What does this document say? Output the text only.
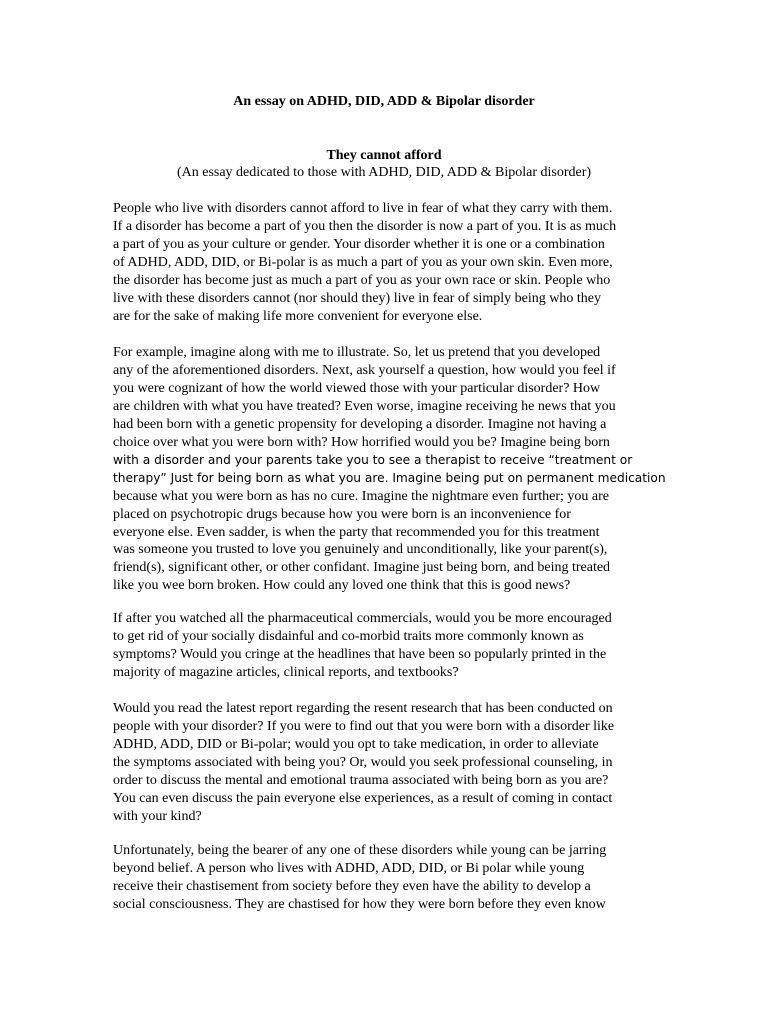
An essay on ADHD, DID, ADD & Bipolar disorder
They cannot afford

(An essay dedicated to those with ADHD, DID, ADD & Bipolar disorder)

People who live with disorders cannot afford to live in fear of what they carry with them.
If a disorder has become a part of you then the disorder is now a part of you. It is as much
a part of you as your culture or gender. Your disorder whether it is one or a combination
of ADHD, ADD, DID, or Bi-polar is as much a part of you as your own skin. Even more,
the disorder has become just as much a part of you as your own race or skin. People who
live with these disorders cannot (nor should they) live in fear of simply being who they
are for the sake of making life more convenient for everyone else.
For example, imagine along with me to illustrate. So, let us pretend that you developed
any of the aforementioned disorders. Next, ask yourself a question, how would you feel if
you were cognizant of how the world viewed those with your particular disorder? How
are children with what you have treated? Even worse, imagine receiving he news that you
had been born with a genetic propensity for developing a disorder. Imagine not having a
choice over what you were born with? How horrified would you be? Imagine being born
with a disorder and your parents take you to see a therapist to receive “treatment or
therapy” Just for being born as what you are. Imagine being put on permanent medication
because what you were born as has no cure. Imagine the nightmare even further; you are
placed on psychotropic drugs because how you were born is an inconvenience for
everyone else. Even sadder, is when the party that recommended you for this treatment
was someone you trusted to love you genuinely and unconditionally, like your parent(s),
friend(s), significant other, or other confidant. Imagine just being born, and being treated
like you wee born broken. How could any loved one think that this is good news?
If after you watched all the pharmaceutical commercials, would you be more encouraged
to get rid of your socially disdainful and co-morbid traits more commonly known as
symptoms? Would you cringe at the headlines that have been so popularly printed in the
majority of magazine articles, clinical reports, and textbooks?
Would you read the latest report regarding the resent research that has been conducted on
people with your disorder? If you were to find out that you were born with a disorder like
ADHD, ADD, DID or Bi-polar; would you opt to take medication, in order to alleviate
the symptoms associated with being you? Or, would you seek professional counseling, in
order to discuss the mental and emotional trauma associated with being born as you are?
You can even discuss the pain everyone else experiences, as a result of coming in contact
with your kind?
Unfortunately, being the bearer of any one of these disorders while young can be jarring
beyond belief. A person who lives with ADHD, ADD, DID, or Bi polar while young
receive their chastisement from society before they even have the ability to develop a
social consciousness. They are chastised for how they were born before they even know
